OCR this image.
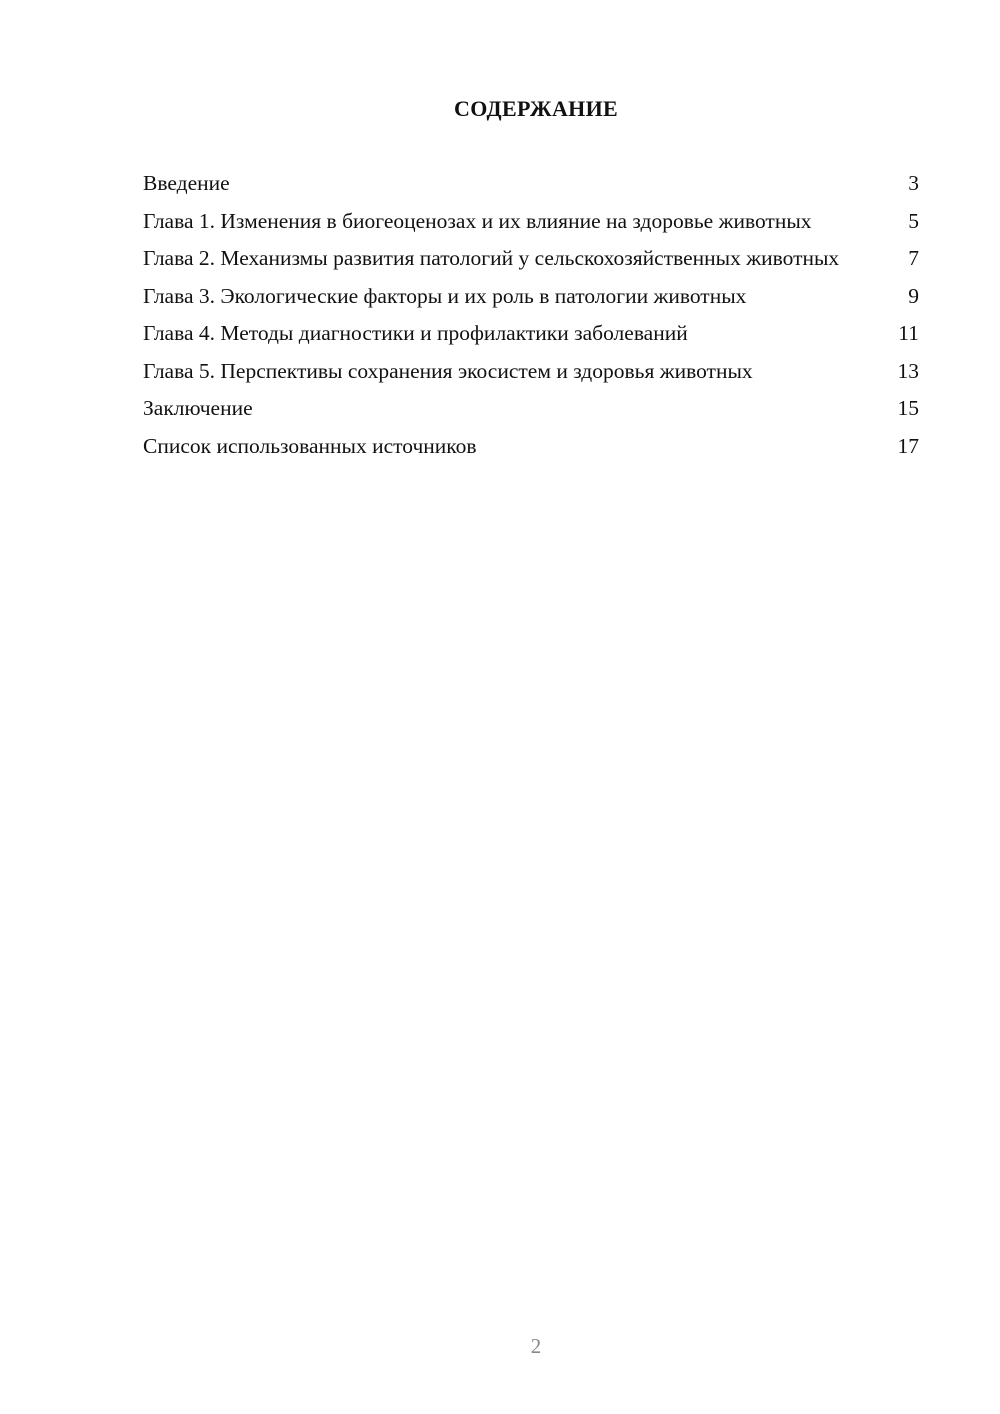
СОДЕРЖАНИЕ
Введение	3
Глава 1. Изменения в биогеоценозах и их влияние на здоровье животных	5
Глава 2. Механизмы развития патологий у сельскохозяйственных животных	7
Глава 3. Экологические факторы и их роль в патологии животных	9
Глава 4. Методы диагностики и профилактики заболеваний	11
Глава 5. Перспективы сохранения экосистем и здоровья животных	13
Заключение	15
Список использованных источников	17
2
